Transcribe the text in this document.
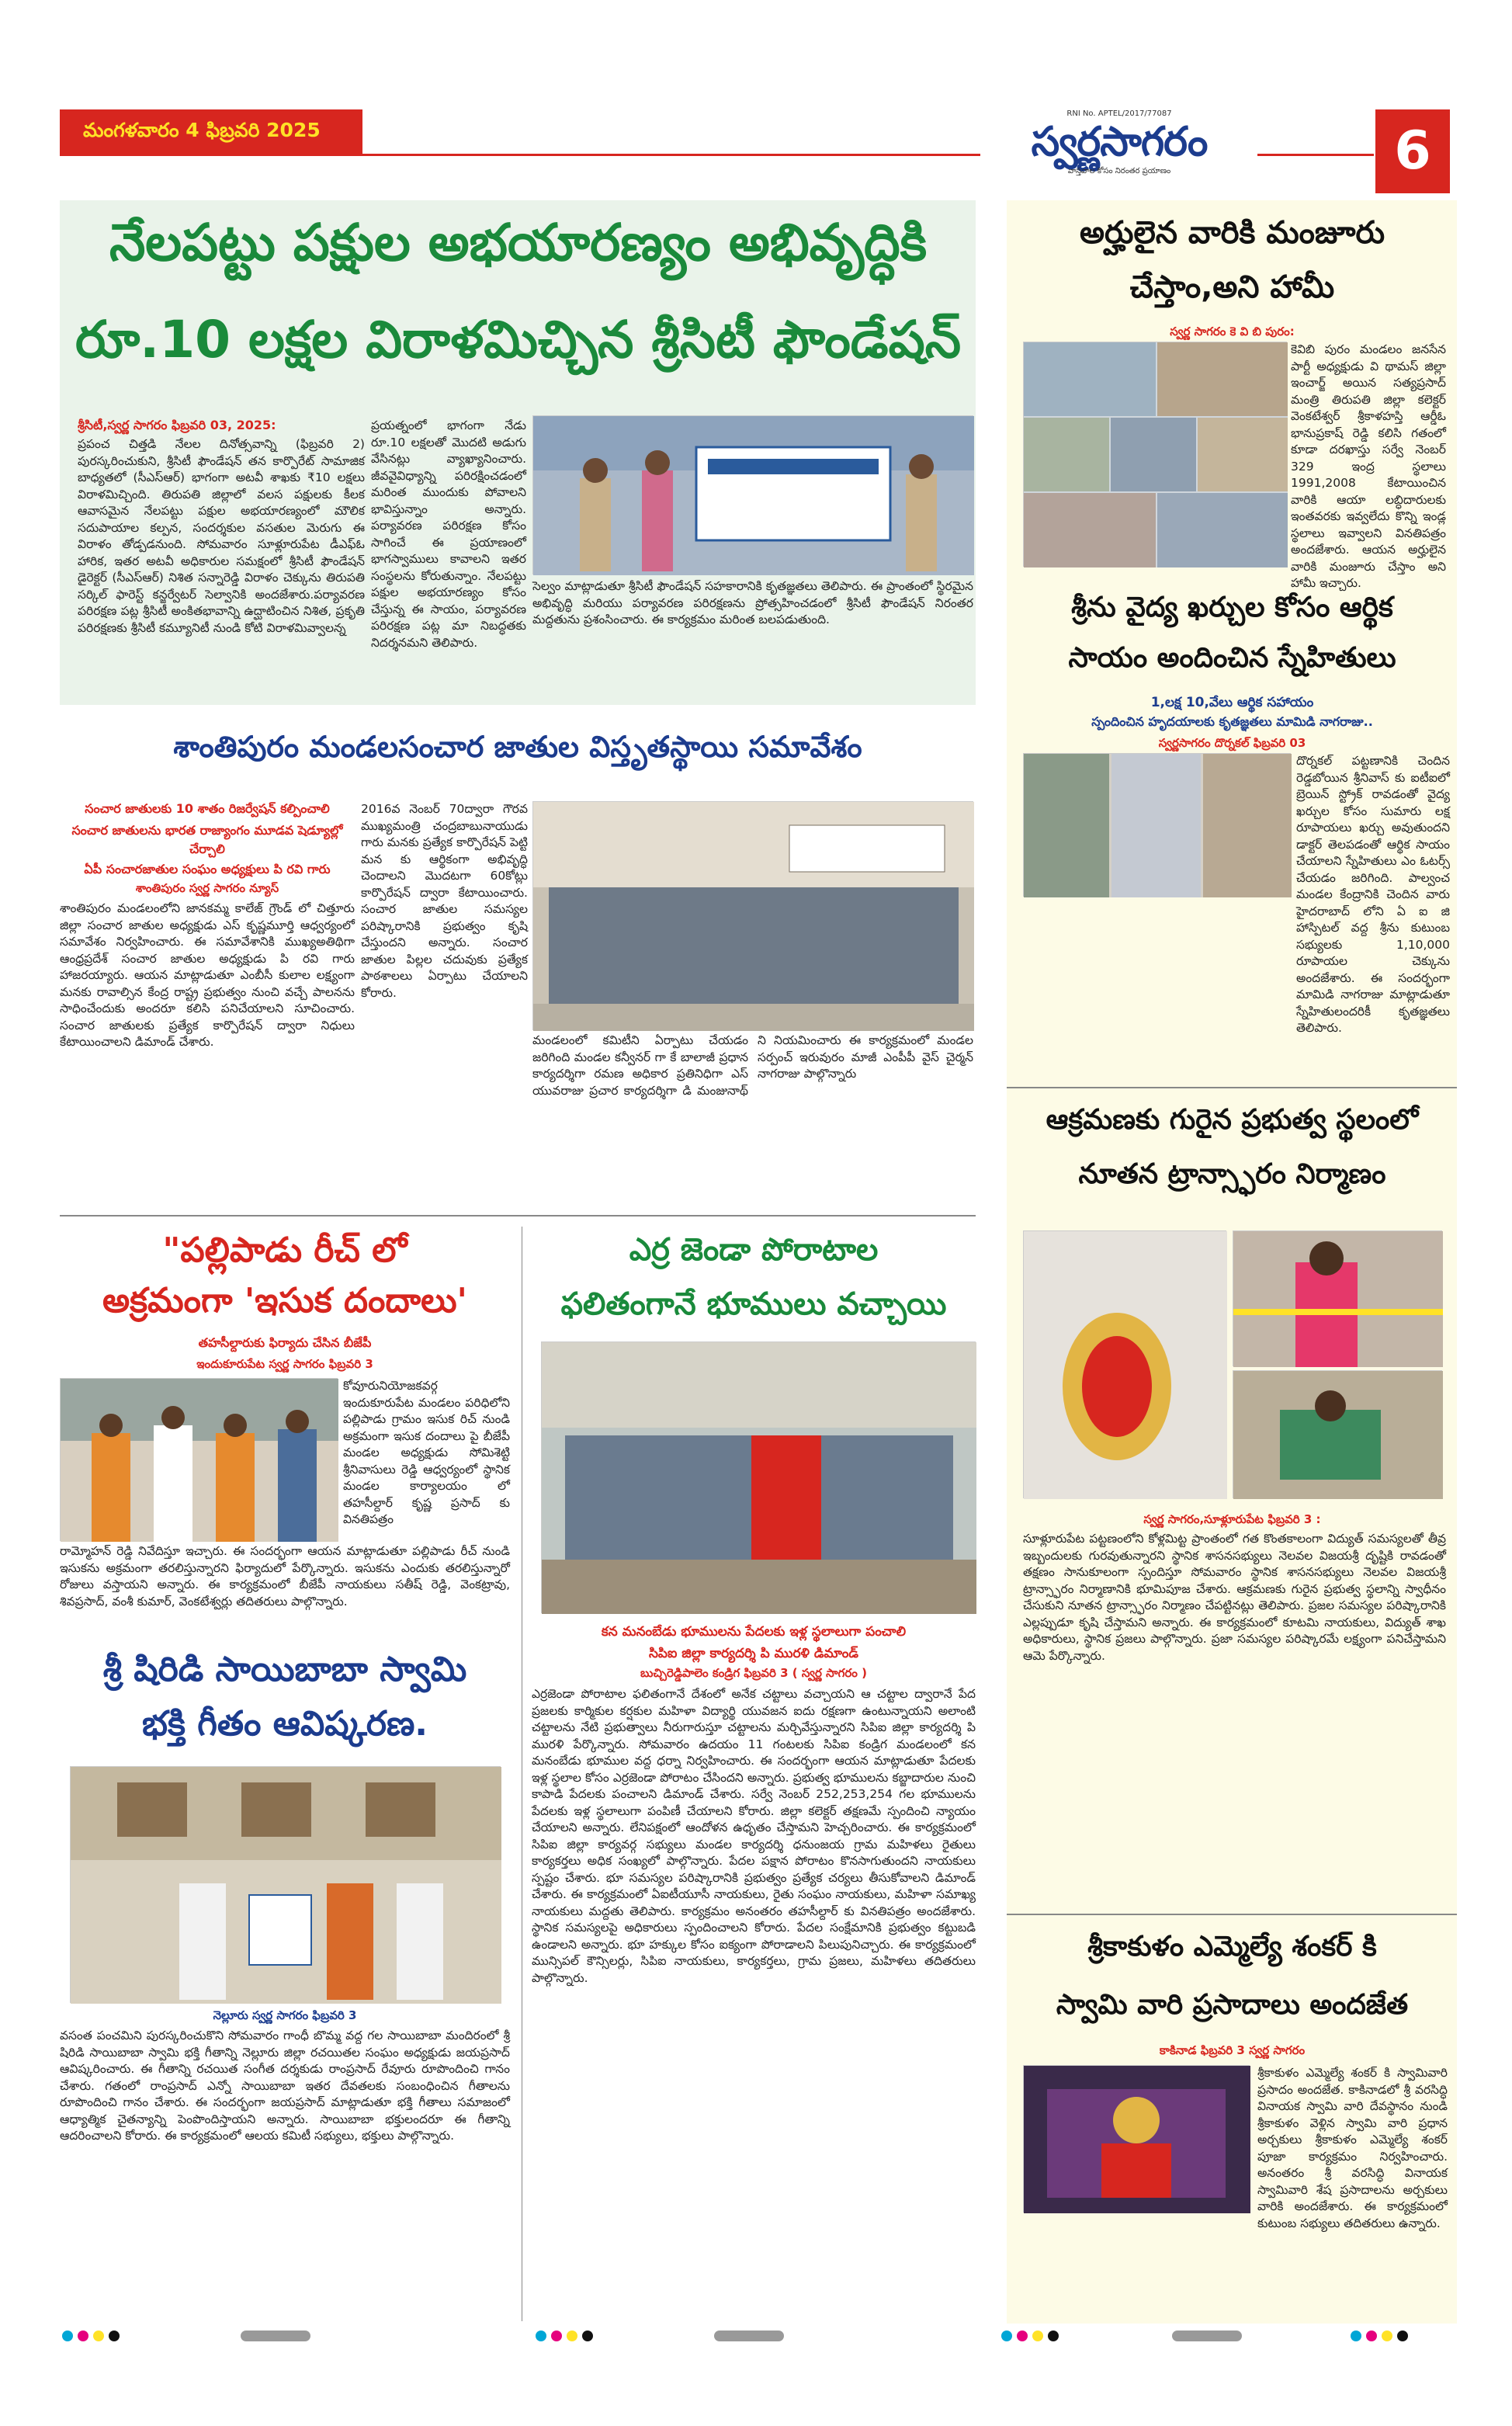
మంగళవారం 4 ఫిబ్రవరి 2025
RNI No. APTEL/2017/77087
స్వర్ణసాగరం
వాస్తవాల కోసం నిరంతర ప్రయాణం	6
నేలపట్టు పక్షుల అభయారణ్యం అభివృద్ధికి
రూ.10 లక్షల విరాళమిచ్చిన శ్రీసిటీ ఫౌండేషన్
శ్రీసిటీ,స్వర్ణ సాగరం ఫిబ్రవరి 03, 2025:
ప్రపంచ చిత్తడి నేలల దినోత్సవాన్ని (ఫిబ్రవరి 2) పురస్కరించుకుని, శ్రీసిటీ ఫౌండేషన్ తన కార్పొరేట్ సామాజిక బాధ్యతలో (సీఎస్ఆర్) భాగంగా అటవీ శాఖకు ₹10 లక్షలు విరాళమిచ్చింది. తిరుపతి జిల్లాలో వలస పక్షులకు కీలక ఆవాసమైన నేలపట్టు పక్షుల అభయారణ్యంలో మౌలిక సదుపాయాల కల్పన, సందర్శకుల వసతుల మెరుగు ఈ విరాళం తోడ్పడనుంది. సోమవారం సూళ్లూరుపేట డీఎఫ్‌ఓ హారిక, ఇతర అటవీ అధికారుల సమక్షంలో శ్రీసిటీ ఫౌండేషన్ డైరెక్టర్ (సీఎస్ఆర్) నిశిత సన్నారెడ్డి విరాళం చెక్కును తిరుపతి సర్కిల్ ఫారెస్ట్ కన్జర్వేటర్ సెల్వానికి అందజేశారు.పర్యావరణ పరిరక్షణ పట్ల శ్రీసిటీ అంకితభావాన్ని ఉద్ఘాటించిన నిశిత, ప్రకృతి పరిరక్షణకు శ్రీసిటీ కమ్యూనిటీ నుండి కోటి విరాళమివ్వాలన్న
ప్రయత్నంలో భాగంగా నేడు రూ.10 లక్షలతో మొదటి అడుగు వేసినట్లు వ్యాఖ్యానించారు. జీవవైవిధ్యాన్ని పరిరక్షించడంలో మరింత ముందుకు పోవాలని భావిస్తున్నాం అన్నారు. పర్యావరణ పరిరక్షణ కోసం సాగించే ఈ ప్రయాణంలో భాగస్వాములు కావాలని ఇతర సంస్థలను కోరుతున్నాం. నేలపట్టు పక్షుల అభయారణ్యం కోసం చేస్తున్న ఈ సాయం, పర్యావరణ పరిరక్షణ పట్ల మా నిబద్ధతకు నిదర్శనమని తెలిపారు.
సెల్వం మాట్లాడుతూ శ్రీసిటీ ఫౌండేషన్ సహకారానికి కృతజ్ఞతలు తెలిపారు. ఈ ప్రాంతంలో స్థిరమైన అభివృద్ధి మరియు పర్యావరణ పరిరక్షణను ప్రోత్సహించడంలో శ్రీసిటీ ఫౌండేషన్ నిరంతర మద్దతును ప్రశంసించారు. ఈ కార్యక్రమం మరింత బలపడుతుంది.
శాంతిపురం మండలసంచార జాతుల విస్తృతస్థాయి సమావేశం
సంచార జాతులకు 10 శాతం రిజర్వేషన్ కల్పించాలి
సంచార జాతులను భారత రాజ్యాంగం మూడవ షెడ్యూల్లో చేర్చాలి
ఏపీ సంచారజాతుల సంఘం అధ్యక్షులు పి రవి గారు
శాంతిపురం స్వర్ణ సాగరం న్యూస్
శాంతిపురం మండలంలోని జానకమ్మ కాలేజ్ గ్రౌండ్ లో చిత్తూరు జిల్లా సంచార జాతుల అధ్యక్షుడు ఎస్ కృష్ణమూర్తి ఆధ్వర్యంలో సమావేశం నిర్వహించారు. ఈ సమావేశానికి ముఖ్యఅతిథిగా ఆంధ్రప్రదేశ్ సంచార జాతుల అధ్యక్షుడు పి రవి గారు హాజరయ్యారు. ఆయన మాట్లాడుతూ ఎంబీసీ కులాల లక్ష్యంగా మనకు రావాల్సిన కేంద్ర రాష్ట్ర ప్రభుత్వం నుంచి వచ్చే పాలనను సాధించేందుకు అందరూ కలిసి పనిచేయాలని సూచించారు. సంచార జాతులకు ప్రత్యేక కార్పొరేషన్ ద్వారా నిధులు కేటాయించాలని డిమాండ్ చేశారు.
2016వ నెంబర్ 70ద్వారా గౌరవ ముఖ్యమంత్రి చంద్రబాబునాయుడు గారు మనకు ప్రత్యేక కార్పొరేషన్ పెట్టి మన కు ఆర్థికంగా అభివృద్ధి చెందాలని మొదటగా 60కోట్లు కార్పొరేషన్ ద్వారా కేటాయించారు. సంచార జాతుల సమస్యల పరిష్కారానికి ప్రభుత్వం కృషి చేస్తుందని అన్నారు. సంచార జాతుల పిల్లల చదువుకు ప్రత్యేక పాఠశాలలు ఏర్పాటు చేయాలని కోరారు.
మండలంలో కమిటీని ఏర్పాటు చేయడం జరిగింది మండల కన్వీనర్ గా కే బాలాజీ ప్రధాన కార్యదర్శిగా రమణ అధికార ప్రతినిధిగా ఎస్ యువరాజు ప్రచార కార్యదర్శిగా డి మంజునాథ్ ని నియమించారు ఈ కార్యక్రమంలో మండల సర్పంచ్ ఇరువురం మాజీ ఎంపీపీ వైస్ చైర్మన్ నాగరాజు పాల్గొన్నారు
"పల్లిపాడు రీచ్ లో
అక్రమంగా 'ఇసుక దందాలు'
తహసీల్దారుకు ఫిర్యాదు చేసిన బీజేపీ
ఇందుకూరుపేట స్వర్ణ సాగరం ఫిబ్రవరి 3
కోవూరునియోజకవర్గ ఇందుకూరుపేట మండలం పరిధిలోని పల్లిపాడు గ్రామం ఇసుక రిచ్ నుండి అక్రమంగా ఇసుక దందాలు పై బీజేపీ మండల అధ్యక్షుడు సోమిశెట్టి శ్రీనివాసులు రెడ్డి ఆధ్వర్యంలో స్థానిక మండల కార్యాలయం లో తహసీల్దార్ కృష్ణ ప్రసాద్ కు వినతిపత్రం
రామ్మోహన్ రెడ్డి నివేదిస్తూ ఇచ్చారు. ఈ సందర్భంగా ఆయన మాట్లాడుతూ పల్లిపాడు రీచ్ నుండి ఇసుకను అక్రమంగా తరలిస్తున్నారని ఫిర్యాదులో పేర్కొన్నారు. ఇసుకను ఎందుకు తరలిస్తున్నారో రోజులు వస్తాయని అన్నారు. ఈ కార్యక్రమంలో బీజేపీ నాయకులు సతీష్ రెడ్డి, వెంకట్రావు, శివప్రసాద్, వంశీ కుమార్, వెంకటేశ్వర్లు తదితరులు పాల్గొన్నారు.
శ్రీ షిరిడి సాయిబాబా స్వామి
భక్తి గీతం ఆవిష్కరణ.
నెల్లూరు స్వర్ణ సాగరం ఫిబ్రవరి 3
వసంత పంచమిని పురస్కరించుకొని సోమవారం గాంధీ బొమ్మ వద్ద గల సాయిబాబా మందిరంలో శ్రీ షిరిడి సాయిబాబా స్వామి భక్తి గీతాన్ని నెల్లూరు జిల్లా రచయితల సంఘం అధ్యక్షుడు జయప్రసాద్ ఆవిష్కరించారు. ఈ గీతాన్ని రచయిత సంగీత దర్శకుడు రాంప్రసాద్ రేవూరు రూపొందించి గానం చేశారు. గతంలో రాంప్రసాద్ ఎన్నో సాయిబాబా ఇతర దేవతలకు సంబంధించిన గీతాలను రూపొందించి గానం చేశారు. ఈ సందర్భంగా జయప్రసాద్ మాట్లాడుతూ భక్తి గీతాలు సమాజంలో ఆధ్యాత్మిక చైతన్యాన్ని పెంపొందిస్తాయని అన్నారు. సాయిబాబా భక్తులందరూ ఈ గీతాన్ని ఆదరించాలని కోరారు. ఈ కార్యక్రమంలో ఆలయ కమిటీ సభ్యులు, భక్తులు పాల్గొన్నారు.
ఎర్ర జెండా పోరాటాల
ఫలితంగానే భూములు వచ్చాయి
కన మనంబేడు భూములను పేదలకు ఇళ్ల స్థలాలుగా పంచాలి
సిపిఐ జిల్లా కార్యదర్శి పి మురళి డిమాండ్
బుచ్చిరెడ్డిపాలెం కండ్రిగ ఫిబ్రవరి 3 ( స్వర్ణ సాగరం )
ఎర్రజెండా పోరాటాల ఫలితంగానే దేశంలో అనేక చట్టాలు వచ్చాయని ఆ చట్టాల ద్వారానే పేద ప్రజలకు కార్మికుల కర్షకుల మహిళా విద్యార్థి యువజన ఐదు రక్షణగా ఉంటున్నాయని అలాంటి చట్టాలను నేటి ప్రభుత్వాలు నీరుగారుస్తూ చట్టాలను మర్చివేస్తున్నారని సిపిఐ జిల్లా కార్యదర్శి పి మురళి పేర్కొన్నారు. సోమవారం ఉదయం 11 గంటలకు సిపిఐ కండ్రిగ మండలంలో కన మనంబేడు భూముల వద్ద ధర్నా నిర్వహించారు. ఈ సందర్భంగా ఆయన మాట్లాడుతూ పేదలకు ఇళ్ల స్థలాల కోసం ఎర్రజెండా పోరాటం చేసిందని అన్నారు. ప్రభుత్వ భూములను కబ్జాదారుల నుంచి కాపాడి పేదలకు పంచాలని డిమాండ్ చేశారు. సర్వే నెంబర్ 252,253,254 గల భూములను పేదలకు ఇళ్ల స్థలాలుగా పంపిణీ చేయాలని కోరారు. జిల్లా కలెక్టర్ తక్షణమే స్పందించి న్యాయం చేయాలని అన్నారు. లేనిపక్షంలో ఆందోళన ఉధృతం చేస్తామని హెచ్చరించారు. ఈ కార్యక్రమంలో సిపిఐ జిల్లా కార్యవర్గ సభ్యులు మండల కార్యదర్శి ధనుంజయ గ్రామ మహిళలు రైతులు కార్యకర్తలు అధిక సంఖ్యలో పాల్గొన్నారు. పేదల పక్షాన పోరాటం కొనసాగుతుందని నాయకులు స్పష్టం చేశారు. భూ సమస్యల పరిష్కారానికి ప్రభుత్వం ప్రత్యేక చర్యలు తీసుకోవాలని డిమాండ్ చేశారు. ఈ కార్యక్రమంలో ఏఐటీయూసీ నాయకులు, రైతు సంఘం నాయకులు, మహిళా సమాఖ్య నాయకులు మద్దతు తెలిపారు. కార్యక్రమం అనంతరం తహసీల్దార్ కు వినతిపత్రం అందజేశారు. స్థానిక సమస్యలపై అధికారులు స్పందించాలని కోరారు. పేదల సంక్షేమానికి ప్రభుత్వం కట్టుబడి ఉండాలని అన్నారు. భూ హక్కుల కోసం ఐక్యంగా పోరాడాలని పిలుపునిచ్చారు. ఈ కార్యక్రమంలో మున్సిపల్ కౌన్సిలర్లు, సిపిఐ నాయకులు, కార్యకర్తలు, గ్రామ ప్రజలు, మహిళలు తదితరులు పాల్గొన్నారు.
అర్హులైన వారికి మంజూరు
చేస్తాం,అని హామీ
స్వర్ణ సాగరం కె వి బి పురం:
కెవిబి పురం మండలం జనసేన పార్టీ అధ్యక్షుడు వి థామస్ జిల్లా ఇంచార్జ్ అయిన సత్యప్రసాద్ మంత్రి తిరుపతి జిల్లా కలెక్టర్ వెంకటేశ్వర్ శ్రీకాళహస్తి ఆర్డీఓ భానుప్రకాష్ రెడ్డి కలిసి గతంలో కూడా దరఖాస్తు సర్వే నెంబర్ 329 ఇంద్ర స్థలాలు 1991,2008 కేటాయించిన వారికి ఆయా లబ్ధిదారులకు ఇంతవరకు ఇవ్వలేదు కొన్ని ఇండ్ల స్థలాలు ఇవ్వాలని వినతిపత్రం అందజేశారు. ఆయన అర్హులైన వారికి మంజూరు చేస్తాం అని హామీ ఇచ్చారు.
శ్రీను వైద్య ఖర్చుల కోసం ఆర్థిక
సాయం అందించిన స్నేహితులు
1,లక్ష 10,వేలు ఆర్థిక సహాయం
స్పందించిన హృదయాలకు కృతజ్ఞతలు మామిడి నాగరాజు..
స్వర్ణసాగరం దొర్నకల్ ఫిబ్రవరి 03
దొర్నకల్ పట్టణానికి చెందిన రెడ్డబోయిన శ్రీనివాస్ కు ఐటీఐలో బ్రెయిన్ స్ట్రోక్ రావడంతో వైద్య ఖర్చుల కోసం సుమారు లక్ష రూపాయలు ఖర్చు అవుతుందని డాక్టర్ తెలపడంతో ఆర్థిక సాయం చేయాలని స్నేహితులు ఎం ఓటర్స్ చేయడం జరిగింది. పాల్వంచ మండల కేంద్రానికి చెందిన వారు హైదరాబాద్ లోని ఏ ఐ జి హాస్పిటల్ వద్ద శ్రీను కుటుంబ సభ్యులకు 1,10,000 రూపాయల చెక్కును అందజేశారు. ఈ సందర్భంగా మామిడి నాగరాజు మాట్లాడుతూ స్నేహితులందరికీ కృతజ్ఞతలు తెలిపారు.
ఆక్రమణకు గురైన ప్రభుత్వ స్థలంలో
నూతన ట్రాన్స్ఫారం నిర్మాణం
స్వర్ణ సాగరం,సూళ్లూరుపేట ఫిబ్రవరి 3 :
సూళ్లూరుపేట పట్టణంలోని కోళ్లమిట్ట ప్రాంతంలో గత కొంతకాలంగా విద్యుత్ సమస్యలతో తీవ్ర ఇబ్బందులకు గురవుతున్నారని స్థానిక శాసనసభ్యులు నెలవల విజయశ్రీ దృష్టికి రావడంతో తక్షణం సానుకూలంగా స్పందిస్తూ సోమవారం స్థానిక శాసనసభ్యులు నెలవల విజయశ్రీ ట్రాన్స్ఫారం నిర్మాణానికి భూమిపూజ చేశారు. ఆక్రమణకు గురైన ప్రభుత్వ స్థలాన్ని స్వాధీనం చేసుకుని నూతన ట్రాన్స్ఫారం నిర్మాణం చేపట్టినట్లు తెలిపారు. ప్రజల సమస్యల పరిష్కారానికి ఎల్లప్పుడూ కృషి చేస్తామని అన్నారు. ఈ కార్యక్రమంలో కూటమి నాయకులు, విద్యుత్ శాఖ అధికారులు, స్థానిక ప్రజలు పాల్గొన్నారు. ప్రజా సమస్యల పరిష్కారమే లక్ష్యంగా పనిచేస్తామని ఆమె పేర్కొన్నారు.
శ్రీకాకుళం ఎమ్మెల్యే శంకర్ కి
స్వామి వారి ప్రసాదాలు అందజేత
కాకినాడ ఫిబ్రవరి 3 స్వర్ణ సాగరం
శ్రీకాకుళం ఎమ్మెల్యే శంకర్ కి స్వామివారి ప్రసాదం అందజేత. కాకినాడలో శ్రీ వరసిద్ధి వినాయక స్వామి వారి దేవస్థానం నుండి శ్రీకాకుళం వెళ్లిన స్వామి వారి ప్రధాన అర్చకులు శ్రీకాకుళం ఎమ్మెల్యే శంకర్ పూజా కార్యక్రమం నిర్వహించారు. అనంతరం శ్రీ వరసిద్ధి వినాయక స్వామివారి శేష ప్రసాదాలను అర్చకులు వారికి అందజేశారు. ఈ కార్యక్రమంలో కుటుంబ సభ్యులు తదితరులు ఉన్నారు.
